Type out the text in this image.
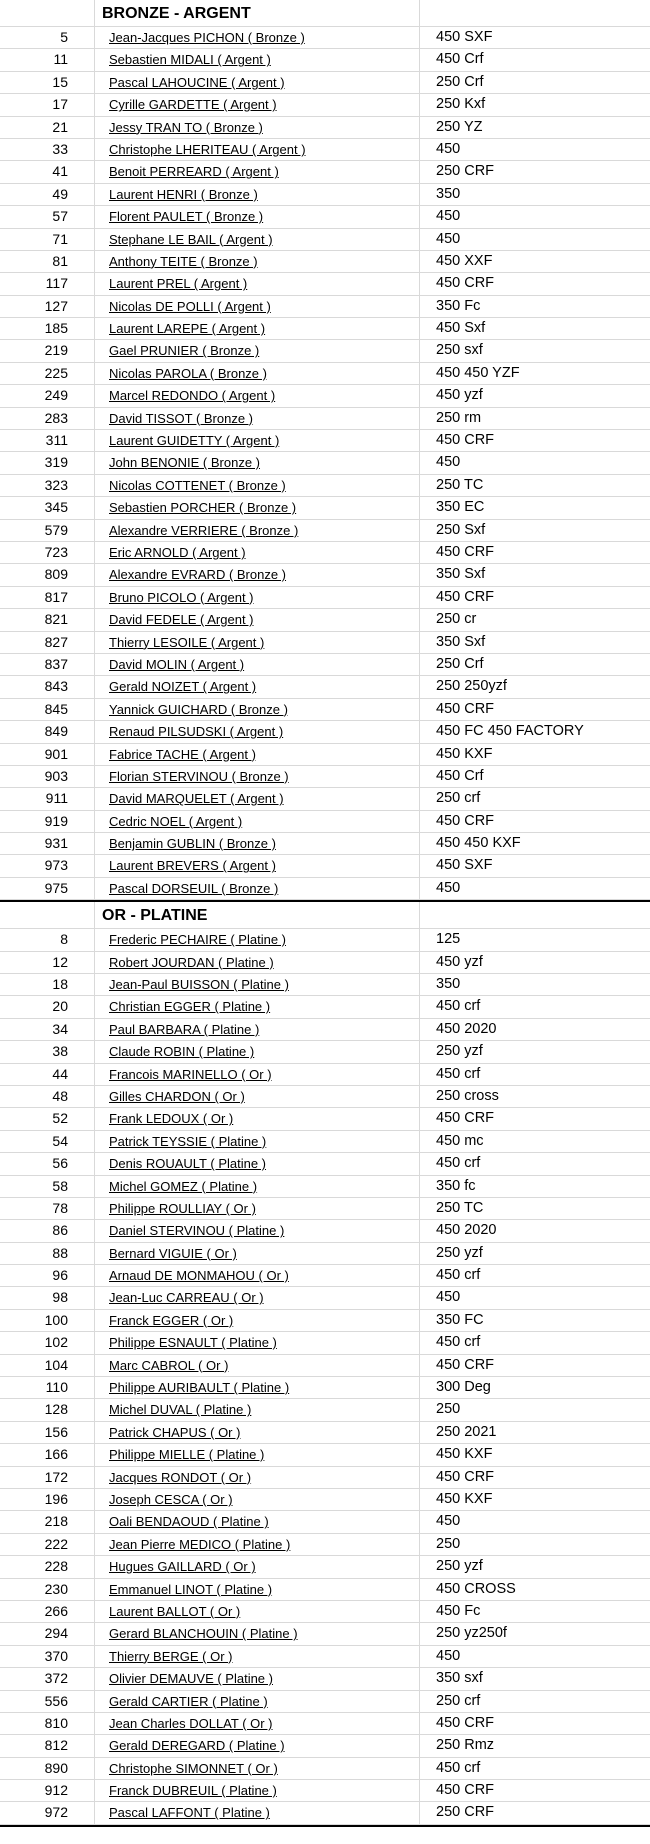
BRONZE - ARGENT
5	Jean-Jacques PICHON ( Bronze )	450 SXF
11	Sebastien MIDALI ( Argent )	450 Crf
15	Pascal LAHOUCINE ( Argent )	250 Crf
17	Cyrille GARDETTE ( Argent )	250 Kxf
21	Jessy TRAN TO ( Bronze )	250 YZ
33	Christophe LHERITEAU ( Argent )	450
41	Benoit PERREARD ( Argent )	250 CRF
49	Laurent HENRI ( Bronze )	350
57	Florent PAULET ( Bronze )	450
71	Stephane LE BAIL ( Argent )	450
81	Anthony TEITE ( Bronze )	450 XXF
117	Laurent PREL ( Argent )	450 CRF
127	Nicolas DE POLLI ( Argent )	350 Fc
185	Laurent LAREPE ( Argent )	450 Sxf
219	Gael PRUNIER ( Bronze )	250 sxf
225	Nicolas PAROLA ( Bronze )	450 450 YZF
249	Marcel REDONDO ( Argent )	450 yzf
283	David TISSOT ( Bronze )	250 rm
311	Laurent GUIDETTY ( Argent )	450 CRF
319	John BENONIE ( Bronze )	450
323	Nicolas COTTENET ( Bronze )	250 TC
345	Sebastien PORCHER ( Bronze )	350 EC
579	Alexandre VERRIERE ( Bronze )	250 Sxf
723	Eric ARNOLD ( Argent )	450 CRF
809	Alexandre EVRARD ( Bronze )	350 Sxf
817	Bruno PICOLO ( Argent )	450 CRF
821	David FEDELE ( Argent )	250 cr
827	Thierry LESOILE ( Argent )	350 Sxf
837	David MOLIN ( Argent )	250 Crf
843	Gerald NOIZET ( Argent )	250 250yzf
845	Yannick GUICHARD ( Bronze )	450 CRF
849	Renaud PILSUDSKI ( Argent )	450 FC 450 FACTORY
901	Fabrice TACHE ( Argent )	450 KXF
903	Florian STERVINOU ( Bronze )	450 Crf
911	David MARQUELET ( Argent )	250 crf
919	Cedric NOEL ( Argent )	450 CRF
931	Benjamin GUBLIN ( Bronze )	450 450 KXF
973	Laurent BREVERS ( Argent )	450 SXF
975	Pascal DORSEUIL ( Bronze )	450
OR - PLATINE
8	Frederic PECHAIRE ( Platine )	125
12	Robert JOURDAN ( Platine )	450 yzf
18	Jean-Paul BUISSON ( Platine )	350
20	Christian EGGER ( Platine )	450 crf
34	Paul BARBARA ( Platine )	450 2020
38	Claude ROBIN ( Platine )	250 yzf
44	Francois MARINELLO ( Or )	450 crf
48	Gilles CHARDON ( Or )	250 cross
52	Frank LEDOUX ( Or )	450 CRF
54	Patrick TEYSSIE ( Platine )	450 mc
56	Denis ROUAULT ( Platine )	450 crf
58	Michel GOMEZ ( Platine )	350 fc
78	Philippe ROULLIAY ( Or )	250 TC
86	Daniel STERVINOU ( Platine )	450 2020
88	Bernard VIGUIE ( Or )	250 yzf
96	Arnaud DE MONMAHOU ( Or )	450 crf
98	Jean-Luc CARREAU ( Or )	450
100	Franck EGGER ( Or )	350 FC
102	Philippe ESNAULT ( Platine )	450 crf
104	Marc CABROL ( Or )	450 CRF
110	Philippe AURIBAULT ( Platine )	300 Deg
128	Michel DUVAL ( Platine )	250
156	Patrick CHAPUS ( Or )	250 2021
166	Philippe MIELLE ( Platine )	450 KXF
172	Jacques RONDOT ( Or )	450 CRF
196	Joseph CESCA ( Or )	450 KXF
218	Oali BENDAOUD ( Platine )	450
222	Jean Pierre MEDICO ( Platine )	250
228	Hugues GAILLARD ( Or )	250 yzf
230	Emmanuel LINOT ( Platine )	450 CROSS
266	Laurent BALLOT ( Or )	450 Fc
294	Gerard BLANCHOUIN ( Platine )	250 yz250f
370	Thierry BERGE ( Or )	450
372	Olivier DEMAUVE ( Platine )	350 sxf
556	Gerald CARTIER ( Platine )	250 crf
810	Jean Charles DOLLAT ( Or )	450 CRF
812	Gerald DEREGARD ( Platine )	250 Rmz
890	Christophe SIMONNET ( Or )	450 crf
912	Franck DUBREUIL ( Platine )	450 CRF
972	Pascal LAFFONT ( Platine )	250 CRF
